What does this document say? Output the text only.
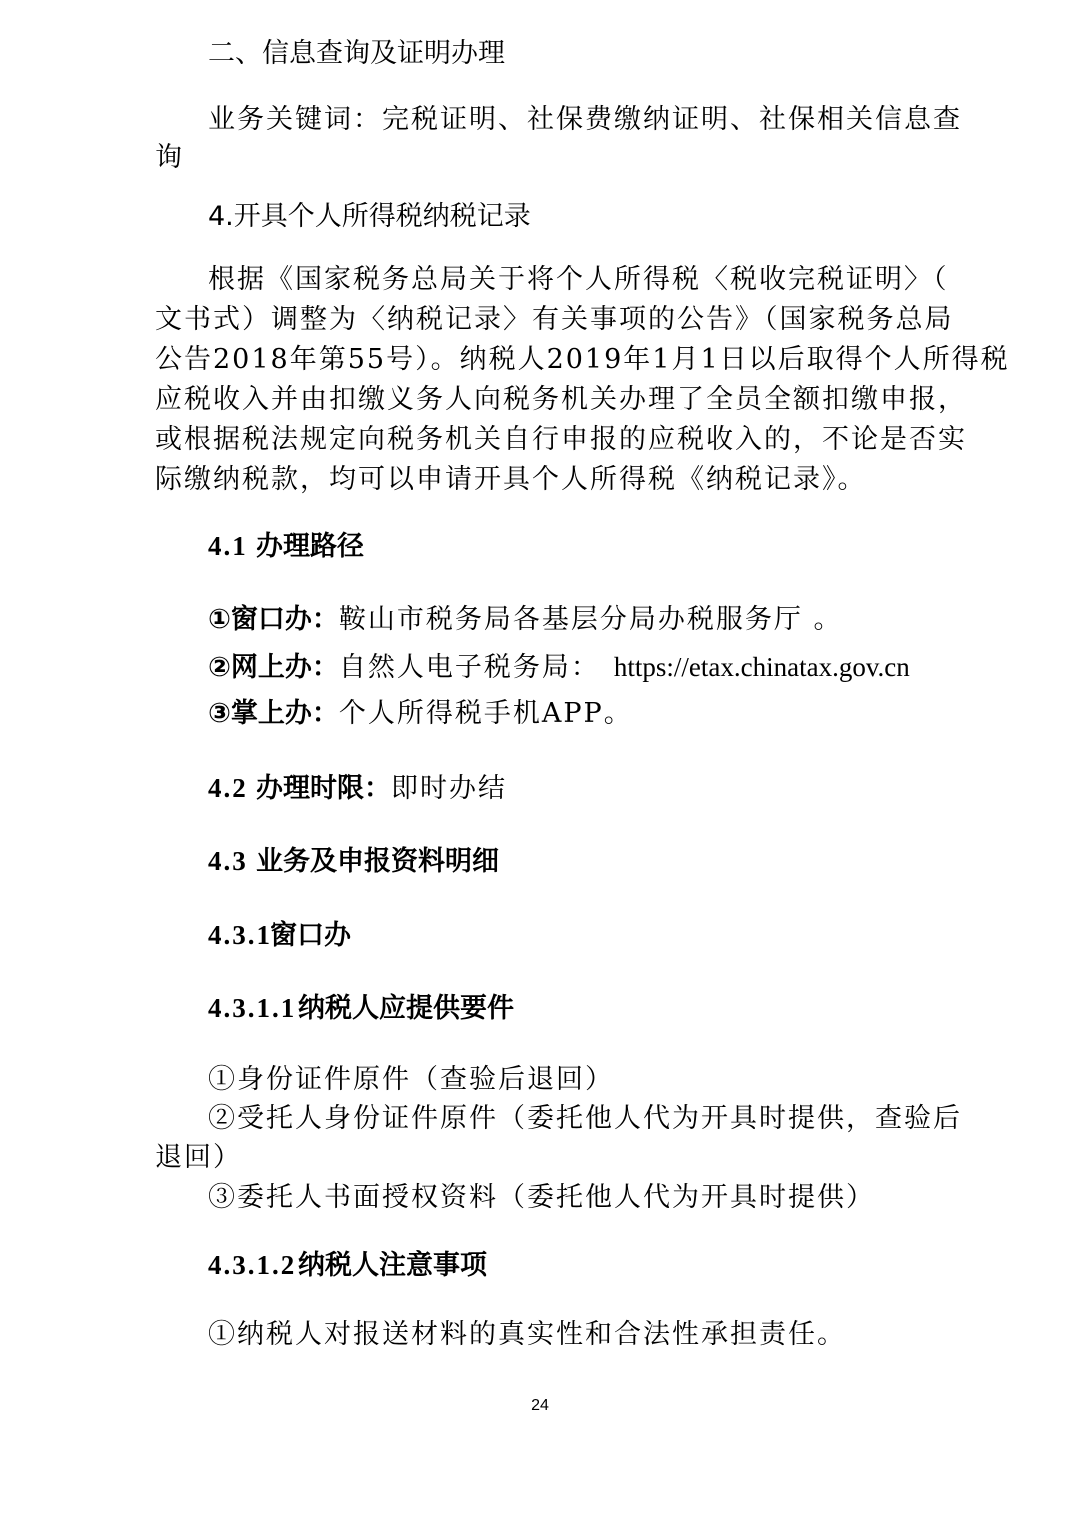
二、信息查询及证明办理
业务关键词：完税证明、社保费缴纳证明、社保相关信息查
询
4.开具个人所得税纳税记录
根据《国家税务总局关于将个人所得税〈税收完税证明〉（
文书式）调整为〈纳税记录〉有关事项的公告》（国家税务总局
公告2018年第55号）。纳税人2019年1月1日以后取得个人所得税
应税收入并由扣缴义务人向税务机关办理了全员全额扣缴申报，
或根据税法规定向税务机关自行申报的应税收入的，不论是否实
际缴纳税款，均可以申请开具个人所得税《纳税记录》。
4.1 办理路径
①窗口办：鞍山市税务局各基层分局办税服务厅 。
②网上办：自然人电子税务局： https://etax.chinatax.gov.cn
③掌上办：个人所得税手机APP。
4.2 办理时限：即时办结
4.3 业务及申报资料明细
4.3.1窗口办
4.3.1.1纳税人应提供要件
①身份证件原件（查验后退回）
②受托人身份证件原件（委托他人代为开具时提供，查验后
退回）
③委托人书面授权资料（委托他人代为开具时提供）
4.3.1.2纳税人注意事项
①纳税人对报送材料的真实性和合法性承担责任。
24
